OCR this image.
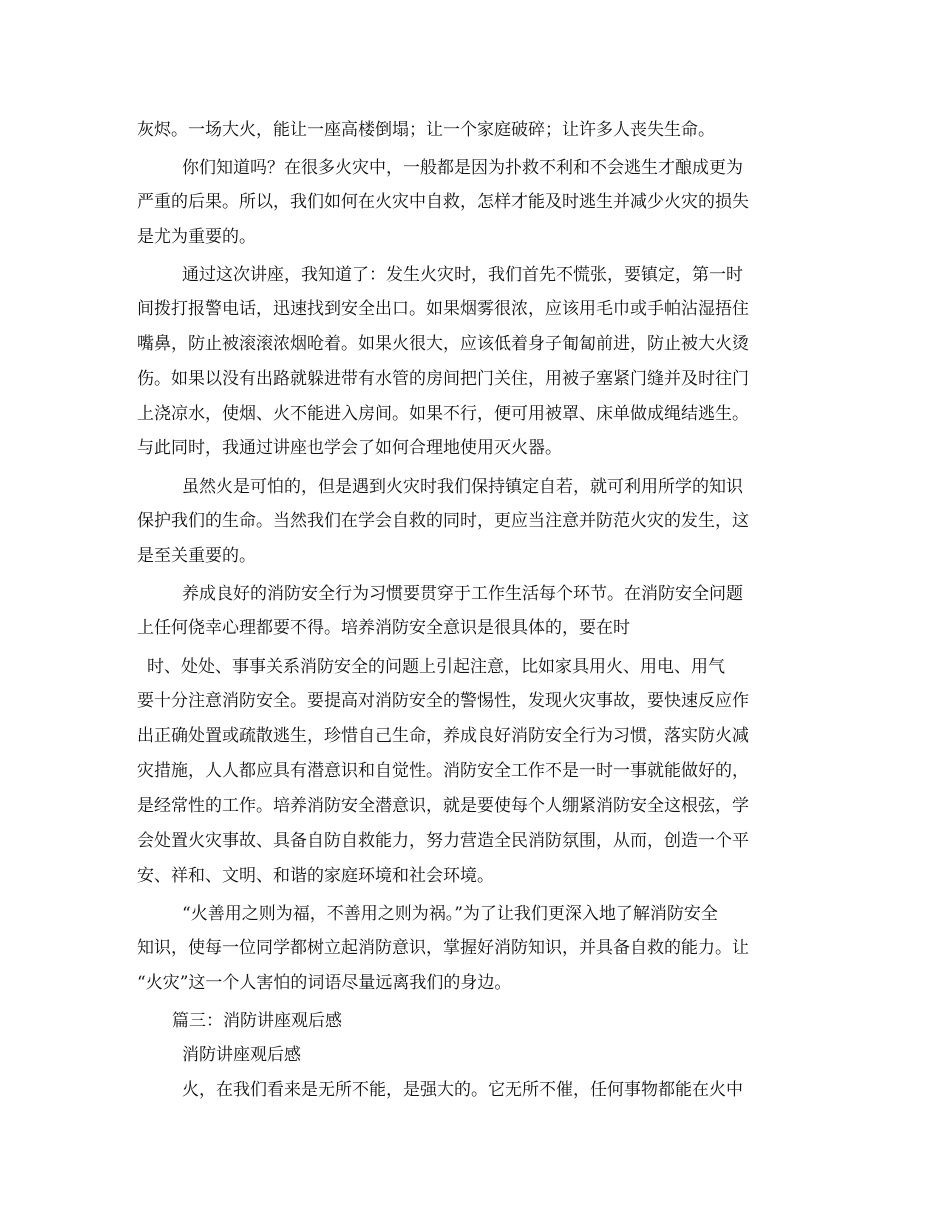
灰烬。一场大火，能让一座高楼倒塌；让一个家庭破碎；让许多人丧失生命。

你们知道吗？在很多火灾中，一般都是因为扑救不利和不会逃生才酿成更为

严重的后果。所以，我们如何在火灾中自救，怎样才能及时逃生并减少火灾的损失

是尤为重要的。

通过这次讲座，我知道了：发生火灾时，我们首先不慌张，要镇定，第一时

间拨打报警电话，迅速找到安全出口。如果烟雾很浓，应该用毛巾或手帕沾湿捂住

嘴鼻，防止被滚滚浓烟呛着。如果火很大，应该低着身子匍匐前进，防止被大火烫

伤。如果以没有出路就躲进带有水管的房间把门关住，用被子塞紧门缝并及时往门

上浇凉水，使烟、火不能进入房间。如果不行，便可用被罩、床单做成绳结逃生。

与此同时，我通过讲座也学会了如何合理地使用灭火器。

虽然火是可怕的，但是遇到火灾时我们保持镇定自若，就可利用所学的知识

保护我们的生命。当然我们在学会自救的同时，更应当注意并防范火灾的发生，这

是至关重要的。

养成良好的消防安全行为习惯要贯穿于工作生活每个环节。在消防安全问题

上任何侥幸心理都要不得。培养消防安全意识是很具体的，要在时

时、处处、事事关系消防安全的问题上引起注意，比如家具用火、用电、用气

要十分注意消防安全。要提高对消防安全的警惕性，发现火灾事故，要快速反应作

出正确处置或疏散逃生，珍惜自己生命，养成良好消防安全行为习惯，落实防火减

灾措施，人人都应具有潜意识和自觉性。消防安全工作不是一时一事就能做好的，

是经常性的工作。培养消防安全潜意识，就是要使每个人绷紧消防安全这根弦，学

会处置火灾事故、具备自防自救能力，努力营造全民消防氛围，从而，创造一个平

安、祥和、文明、和谐的家庭环境和社会环境。

“火善用之则为福，不善用之则为祸。”为了让我们更深入地了解消防安全

知识，使每一位同学都树立起消防意识，掌握好消防知识，并具备自救的能力。让

“火灾”这一个人害怕的词语尽量远离我们的身边。

篇三：消防讲座观后感

消防讲座观后感

火，在我们看来是无所不能，是强大的。它无所不催，任何事物都能在火中
